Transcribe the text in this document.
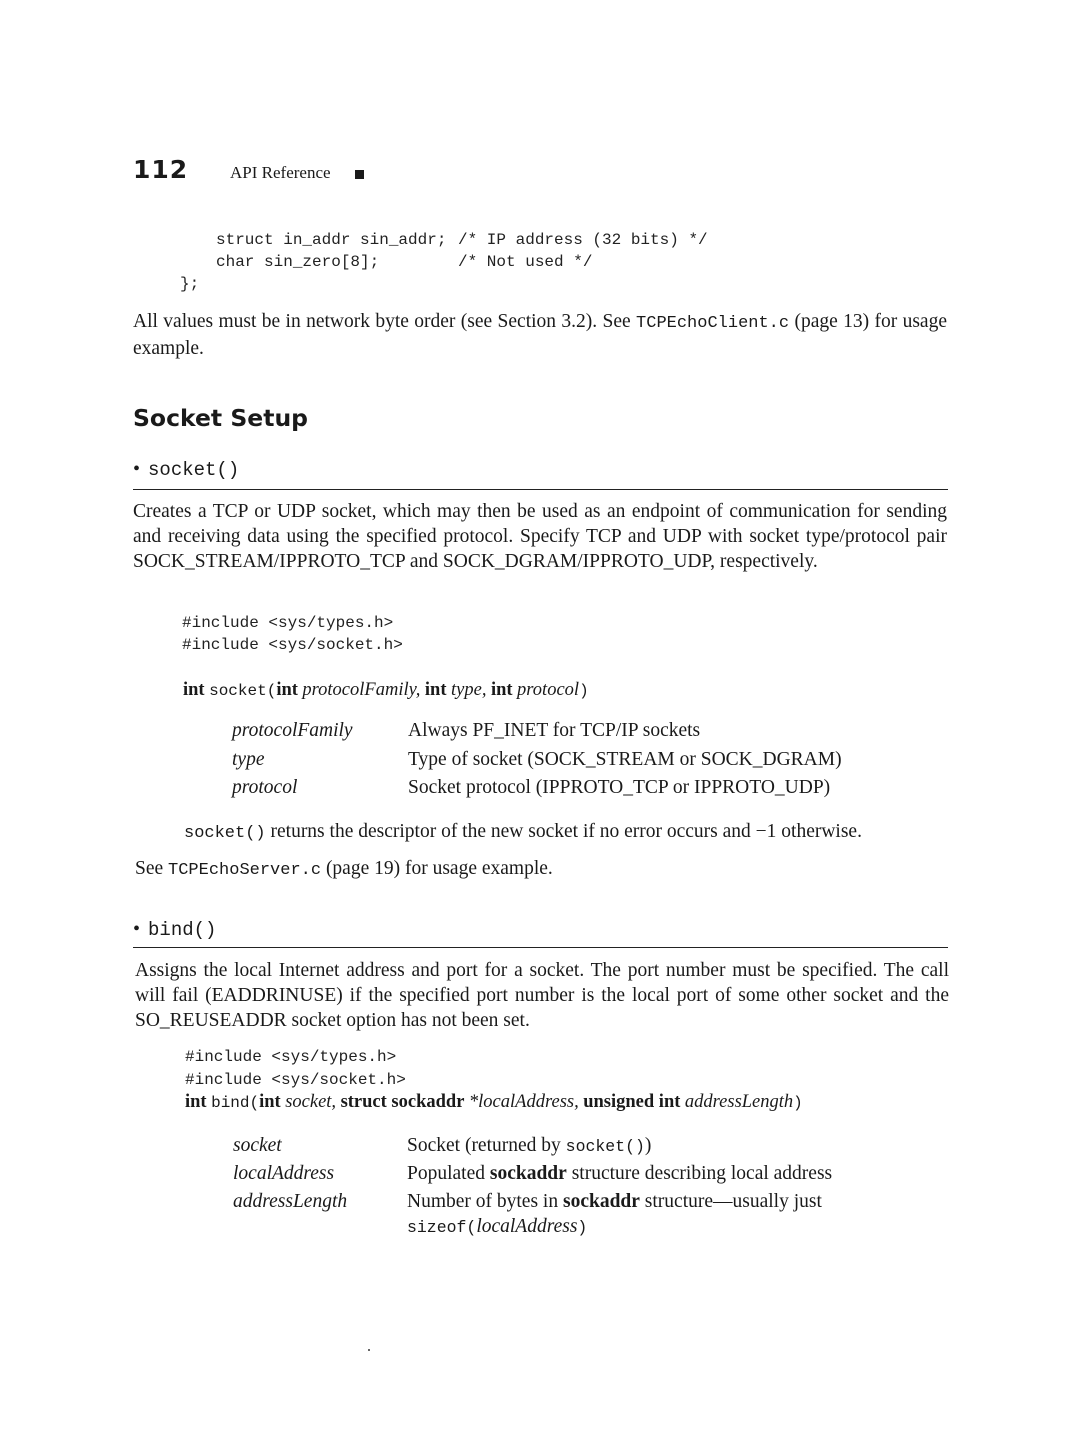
112 API Reference
struct in_addr sin_addr; /* IP address (32 bits) */
char sin_zero[8];	/* Not used */
};
All values must be in network byte order (see Section 3.2). See TCPEchoClient.c (page 13) for usage example.
Socket Setup
• socket()
Creates a TCP or UDP socket, which may then be used as an endpoint of communication for sending and receiving data using the specified protocol. Specify TCP and UDP with socket type/protocol pair SOCK_STREAM/IPPROTO_TCP and SOCK_DGRAM/IPPROTO_UDP, respectively.
#include <sys/types.h>
#include <sys/socket.h>
int socket(int protocolFamily, int type, int protocol)
protocolFamily	Always PF_INET for TCP/IP sockets
type	Type of socket (SOCK_STREAM or SOCK_DGRAM)
protocol	Socket protocol (IPPROTO_TCP or IPPROTO_UDP)
socket() returns the descriptor of the new socket if no error occurs and −1 otherwise.
See TCPEchoServer.c (page 19) for usage example.
• bind()
Assigns the local Internet address and port for a socket. The port number must be specified. The call will fail (EADDRINUSE) if the specified port number is the local port of some other socket and the SO_REUSEADDR socket option has not been set.
#include <sys/types.h>
#include <sys/socket.h>
int bind(int socket, struct sockaddr *localAddress, unsigned int addressLength)
socket	Socket (returned by socket())
localAddress	Populated sockaddr structure describing local address
addressLength	Number of bytes in sockaddr structure—usually just
sizeof(localAddress)
